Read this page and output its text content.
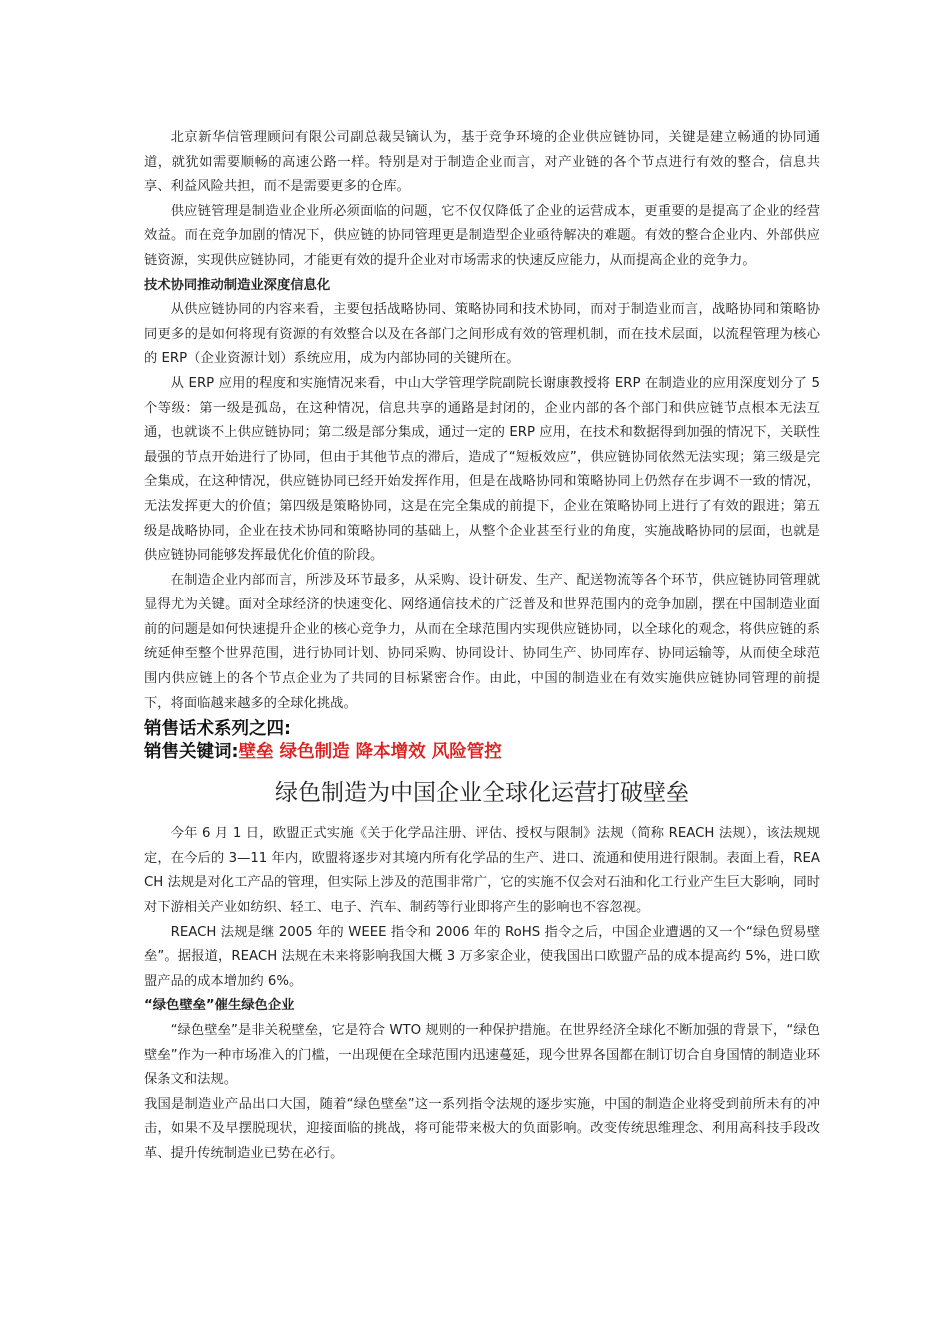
北京新华信管理顾问有限公司副总裁吴镝认为，基于竞争环境的企业供应链协同，关键是建立畅通的协同通道，就犹如需要顺畅的高速公路一样。特别是对于制造企业而言，对产业链的各个节点进行有效的整合，信息共享、利益风险共担，而不是需要更多的仓库。

供应链管理是制造业企业所必须面临的问题，它不仅仅降低了企业的运营成本，更重要的是提高了企业的经营效益。而在竞争加剧的情况下，供应链的协同管理更是制造型企业亟待解决的难题。有效的整合企业内、外部供应链资源，实现供应链协同，才能更有效的提升企业对市场需求的快速反应能力，从而提高企业的竞争力。

技术协同推动制造业深度信息化

从供应链协同的内容来看，主要包括战略协同、策略协同和技术协同，而对于制造业而言，战略协同和策略协同更多的是如何将现有资源的有效整合以及在各部门之间形成有效的管理机制，而在技术层面，以流程管理为核心的 ERP（企业资源计划）系统应用，成为内部协同的关键所在。

从 ERP 应用的程度和实施情况来看，中山大学管理学院副院长谢康教授将 ERP 在制造业的应用深度划分了 5 个等级：第一级是孤岛，在这种情况，信息共享的通路是封闭的，企业内部的各个部门和供应链节点根本无法互通，也就谈不上供应链协同；第二级是部分集成，通过一定的 ERP 应用，在技术和数据得到加强的情况下，关联性最强的节点开始进行了协同，但由于其他节点的滞后，造成了“短板效应”，供应链协同依然无法实现；第三级是完全集成，在这种情况，供应链协同已经开始发挥作用，但是在战略协同和策略协同上仍然存在步调不一致的情况，无法发挥更大的价值；第四级是策略协同，这是在完全集成的前提下，企业在策略协同上进行了有效的跟进；第五级是战略协同，企业在技术协同和策略协同的基础上，从整个企业甚至行业的角度，实施战略协同的层面，也就是供应链协同能够发挥最优化价值的阶段。

在制造企业内部而言，所涉及环节最多，从采购、设计研发、生产、配送物流等各个环节，供应链协同管理就显得尤为关键。面对全球经济的快速变化、网络通信技术的广泛普及和世界范围内的竞争加剧，摆在中国制造业面前的问题是如何快速提升企业的核心竞争力，从而在全球范围内实现供应链协同，以全球化的观念，将供应链的系统延伸至整个世界范围，进行协同计划、协同采购、协同设计、协同生产、协同库存、协同运输等，从而使全球范围内供应链上的各个节点企业为了共同的目标紧密合作。由此，中国的制造业在有效实施供应链协同管理的前提下，将面临越来越多的全球化挑战。

销售话术系列之四:

销售关键词:壁垒 绿色制造 降本增效 风险管控

绿色制造为中国企业全球化运营打破壁垒

今年 6 月 1 日，欧盟正式实施《关于化学品注册、评估、授权与限制》法规（简称 REACH 法规），该法规规定，在今后的 3—11 年内，欧盟将逐步对其境内所有化学品的生产、进口、流通和使用进行限制。表面上看，REACH 法规是对化工产品的管理，但实际上涉及的范围非常广，它的实施不仅会对石油和化工行业产生巨大影响，同时对下游相关产业如纺织、轻工、电子、汽车、制药等行业即将产生的影响也不容忽视。

REACH 法规是继 2005 年的 WEEE 指令和 2006 年的 RoHS 指令之后，中国企业遭遇的又一个“绿色贸易壁垒”。据报道，REACH 法规在未来将影响我国大概 3 万多家企业，使我国出口欧盟产品的成本提高约 5%，进口欧盟产品的成本增加约 6%。

“绿色壁垒”催生绿色企业

“绿色壁垒”是非关税壁垒，它是符合 WTO 规则的一种保护措施。在世界经济全球化不断加强的背景下，“绿色壁垒”作为一种市场准入的门槛，一出现便在全球范围内迅速蔓延，现今世界各国都在制订切合自身国情的制造业环保条文和法规。

我国是制造业产品出口大国，随着“绿色壁垒”这一系列指令法规的逐步实施，中国的制造企业将受到前所未有的冲击，如果不及早摆脱现状，迎接面临的挑战，将可能带来极大的负面影响。改变传统思维理念、利用高科技手段改革、提升传统制造业已势在必行。
